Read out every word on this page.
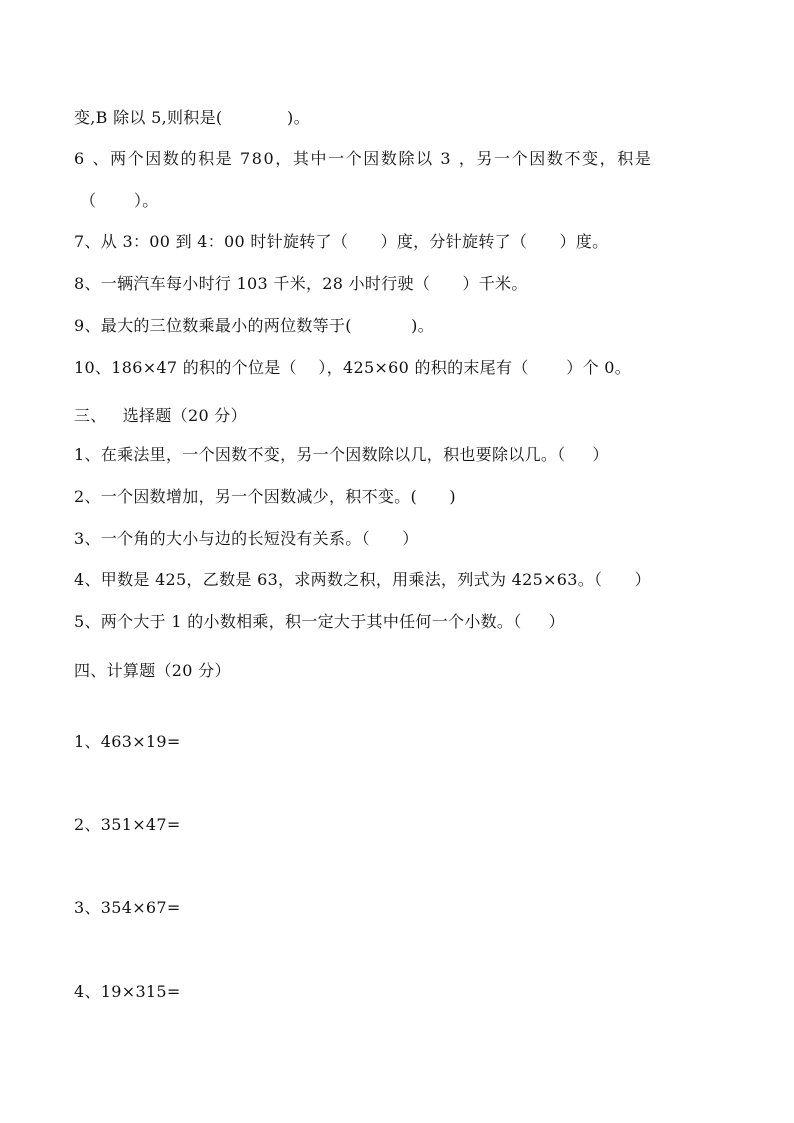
变,B 除以 5,则积是(            )。
6 、两个因数的积是 780，其中一个因数除以 3 ，另一个因数不变，积是
（       ）。
7、从 3：00 到 4：00 时针旋转了（      ）度，分针旋转了（      ）度。
8、一辆汽车每小时行 103 千米，28 小时行驶（      ）千米。
9、最大的三位数乘最小的两位数等于(           )。
10、186×47 的积的个位是（    ），425×60 的积的末尾有（       ）个 0。
三、   选择题（20 分）
1、在乘法里，一个因数不变，另一个因数除以几，积也要除以几。（     ）
2、一个因数增加，另一个因数减少，积不变。(      )
3、一个角的大小与边的长短没有关系。（      ）
4、甲数是 425，乙数是 63，求两数之积，用乘法，列式为 425×63。（      ）
5、两个大于 1 的小数相乘，积一定大于其中任何一个小数。（     ）
四、计算题（20 分）
1、463×19=
2、351×47=
3、354×67=
4、19×315=
